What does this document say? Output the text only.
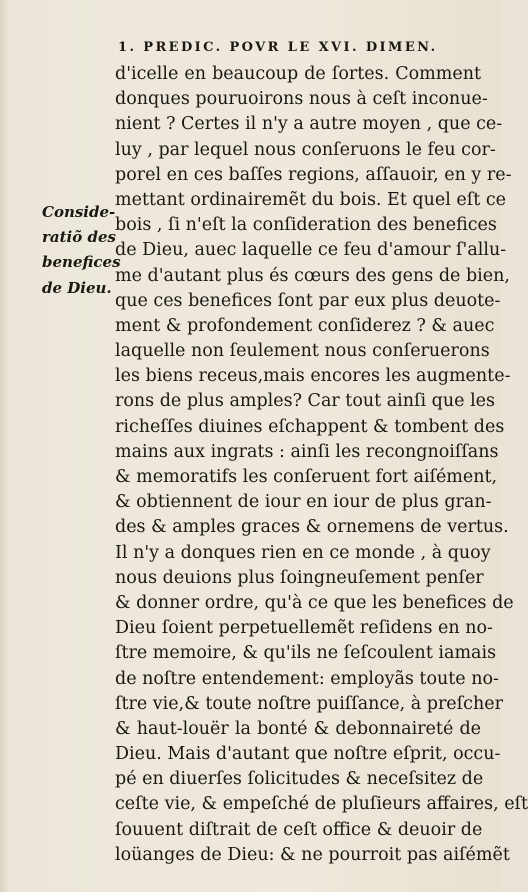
1. PREDIC. POVR LE XVI. DIMEN.
Conside-
ratiõ des
benefices
de Dieu.
d'icelle en beaucoup de ſortes. Comment
donques pouruoirons nous à ceſt inconue-
nient ? Certes il n'y a autre moyen , que ce-
luy , par lequel nous conſeruons le feu cor-
porel en ces baſſes regions, aſſauoir, en y re-
mettant ordinairemẽt du bois. Et quel eſt ce
bois , ſi n'eſt la conſideration des benefices
de Dieu, auec laquelle ce feu d'amour ſ'allu-
me d'autant plus és cœurs des gens de bien,
que ces benefices ſont par eux plus deuote-
ment & profondement conſiderez ? & auec
laquelle non ſeulement nous conſeruerons
les biens receus,mais encores les augmente-
rons de plus amples? Car tout ainſi que les
richeſſes diuines eſchappent & tombent des
mains aux ingrats : ainſi les recongnoiſſans
& memoratifs les conſeruent fort aiſément,
& obtiennent de iour en iour de plus gran-
des & amples graces & ornemens de vertus.
Il n'y a donques rien en ce monde , à quoy
nous deuions plus ſoingneuſement penſer
& donner ordre, qu'à ce que les benefices de
Dieu ſoient perpetuellemẽt reſidens en no-
ſtre memoire, & qu'ils ne ſeſcoulent iamais
de noſtre entendement: employãs toute no-
ſtre vie,& toute noſtre puiſſance, à preſcher
& haut-louër la bonté & debonnaireté de
Dieu. Mais d'autant que noſtre eſprit, occu-
pé en diuerſes ſolicitudes & neceſsitez de
ceſte vie, & empeſché de pluſieurs affaires, eſt
ſouuent diſtrait de ceſt office & deuoir de
loüanges de Dieu: & ne pourroit pas aiſémẽt
